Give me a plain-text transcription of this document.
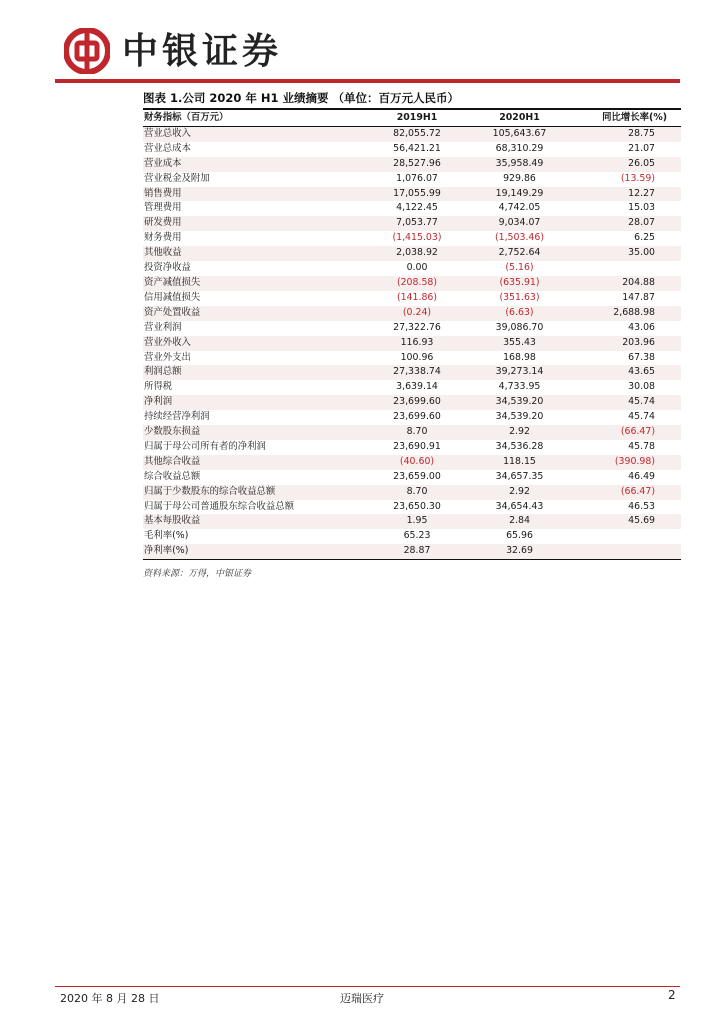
中银证券
图表 1.公司 2020 年 H1 业绩摘要 （单位：百万元人民币）
财务指标（百万元）	2019H1	2020H1	同比增长率(%)
营业总收入	82,055.72	105,643.67	28.75
营业总成本	56,421.21	68,310.29	21.07
营业成本	28,527.96	35,958.49	26.05
营业税金及附加	1,076.07	929.86	(13.59)
销售费用	17,055.99	19,149.29	12.27
管理费用	4,122.45	4,742.05	15.03
研发费用	7,053.77	9,034.07	28.07
财务费用	(1,415.03)	(1,503.46)	6.25
其他收益	2,038.92	2,752.64	35.00
投资净收益	0.00	(5.16)	
资产减值损失	(208.58)	(635.91)	204.88
信用减值损失	(141.86)	(351.63)	147.87
资产处置收益	(0.24)	(6.63)	2,688.98
营业利润	27,322.76	39,086.70	43.06
营业外收入	116.93	355.43	203.96
营业外支出	100.96	168.98	67.38
利润总额	27,338.74	39,273.14	43.65
所得税	3,639.14	4,733.95	30.08
净利润	23,699.60	34,539.20	45.74
持续经营净利润	23,699.60	34,539.20	45.74
少数股东损益	8.70	2.92	(66.47)
归属于母公司所有者的净利润	23,690.91	34,536.28	45.78
其他综合收益	(40.60)	118.15	(390.98)
综合收益总额	23,659.00	34,657.35	46.49
归属于少数股东的综合收益总额	8.70	2.92	(66.47)
归属于母公司普通股东综合收益总额	23,650.30	34,654.43	46.53
基本每股收益	1.95	2.84	45.69
毛利率(%)	65.23	65.96	
净利率(%)	28.87	32.69	
资料来源：万得，中银证券
2020 年 8 月 28 日	迈瑞医疗	2
